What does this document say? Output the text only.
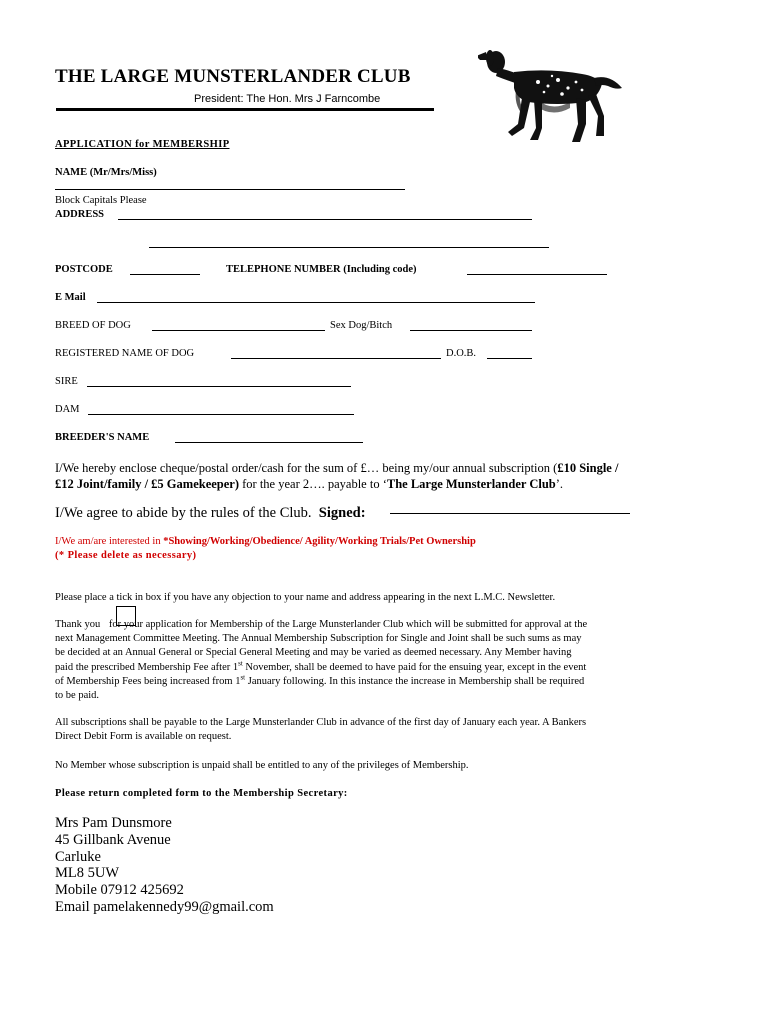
THE LARGE MUNSTERLANDER CLUB
President: The Hon. Mrs J Farncombe
APPLICATION for MEMBERSHIP
NAME (Mr/Mrs/Miss)
Block Capitals Please
ADDRESS
POSTCODE	TELEPHONE NUMBER (Including code)
E Mail
BREED OF DOG	Sex Dog/Bitch
REGISTERED NAME OF DOG	D.O.B.
SIRE
DAM
BREEDER'S NAME
I/We hereby enclose cheque/postal order/cash for the sum of £… being my/our annual subscription (£10 Single /
£12 Joint/family / £5 Gamekeeper) for the year 2…. payable to ‘The Large Munsterlander Club’.
I/We agree to abide by the rules of the Club. Signed:
I/We am/are interested in *Showing/Working/Obedience/ Agility/Working Trials/Pet Ownership
(* Please delete as necessary)
Please place a tick in box if you have any objection to your name and address appearing in the next L.M.C. Newsletter.
Thank you for your application for Membership of the Large Munsterlander Club which will be submitted for approval at the
next Management Committee Meeting. The Annual Membership Subscription for Single and Joint shall be such sums as may
be decided at an Annual General or Special General Meeting and may be varied as deemed necessary. Any Member having
paid the prescribed Membership Fee after 1st November, shall be deemed to have paid for the ensuing year, except in the event
of Membership Fees being increased from 1st January following. In this instance the increase in Membership shall be required
to be paid.
All subscriptions shall be payable to the Large Munsterlander Club in advance of the first day of January each year. A Bankers
Direct Debit Form is available on request.
No Member whose subscription is unpaid shall be entitled to any of the privileges of Membership.
Please return completed form to the Membership Secretary:
Mrs Pam Dunsmore
45 Gillbank Avenue
Carluke
ML8 5UW
Mobile 07912 425692
Email pamelakennedy99@gmail.com
